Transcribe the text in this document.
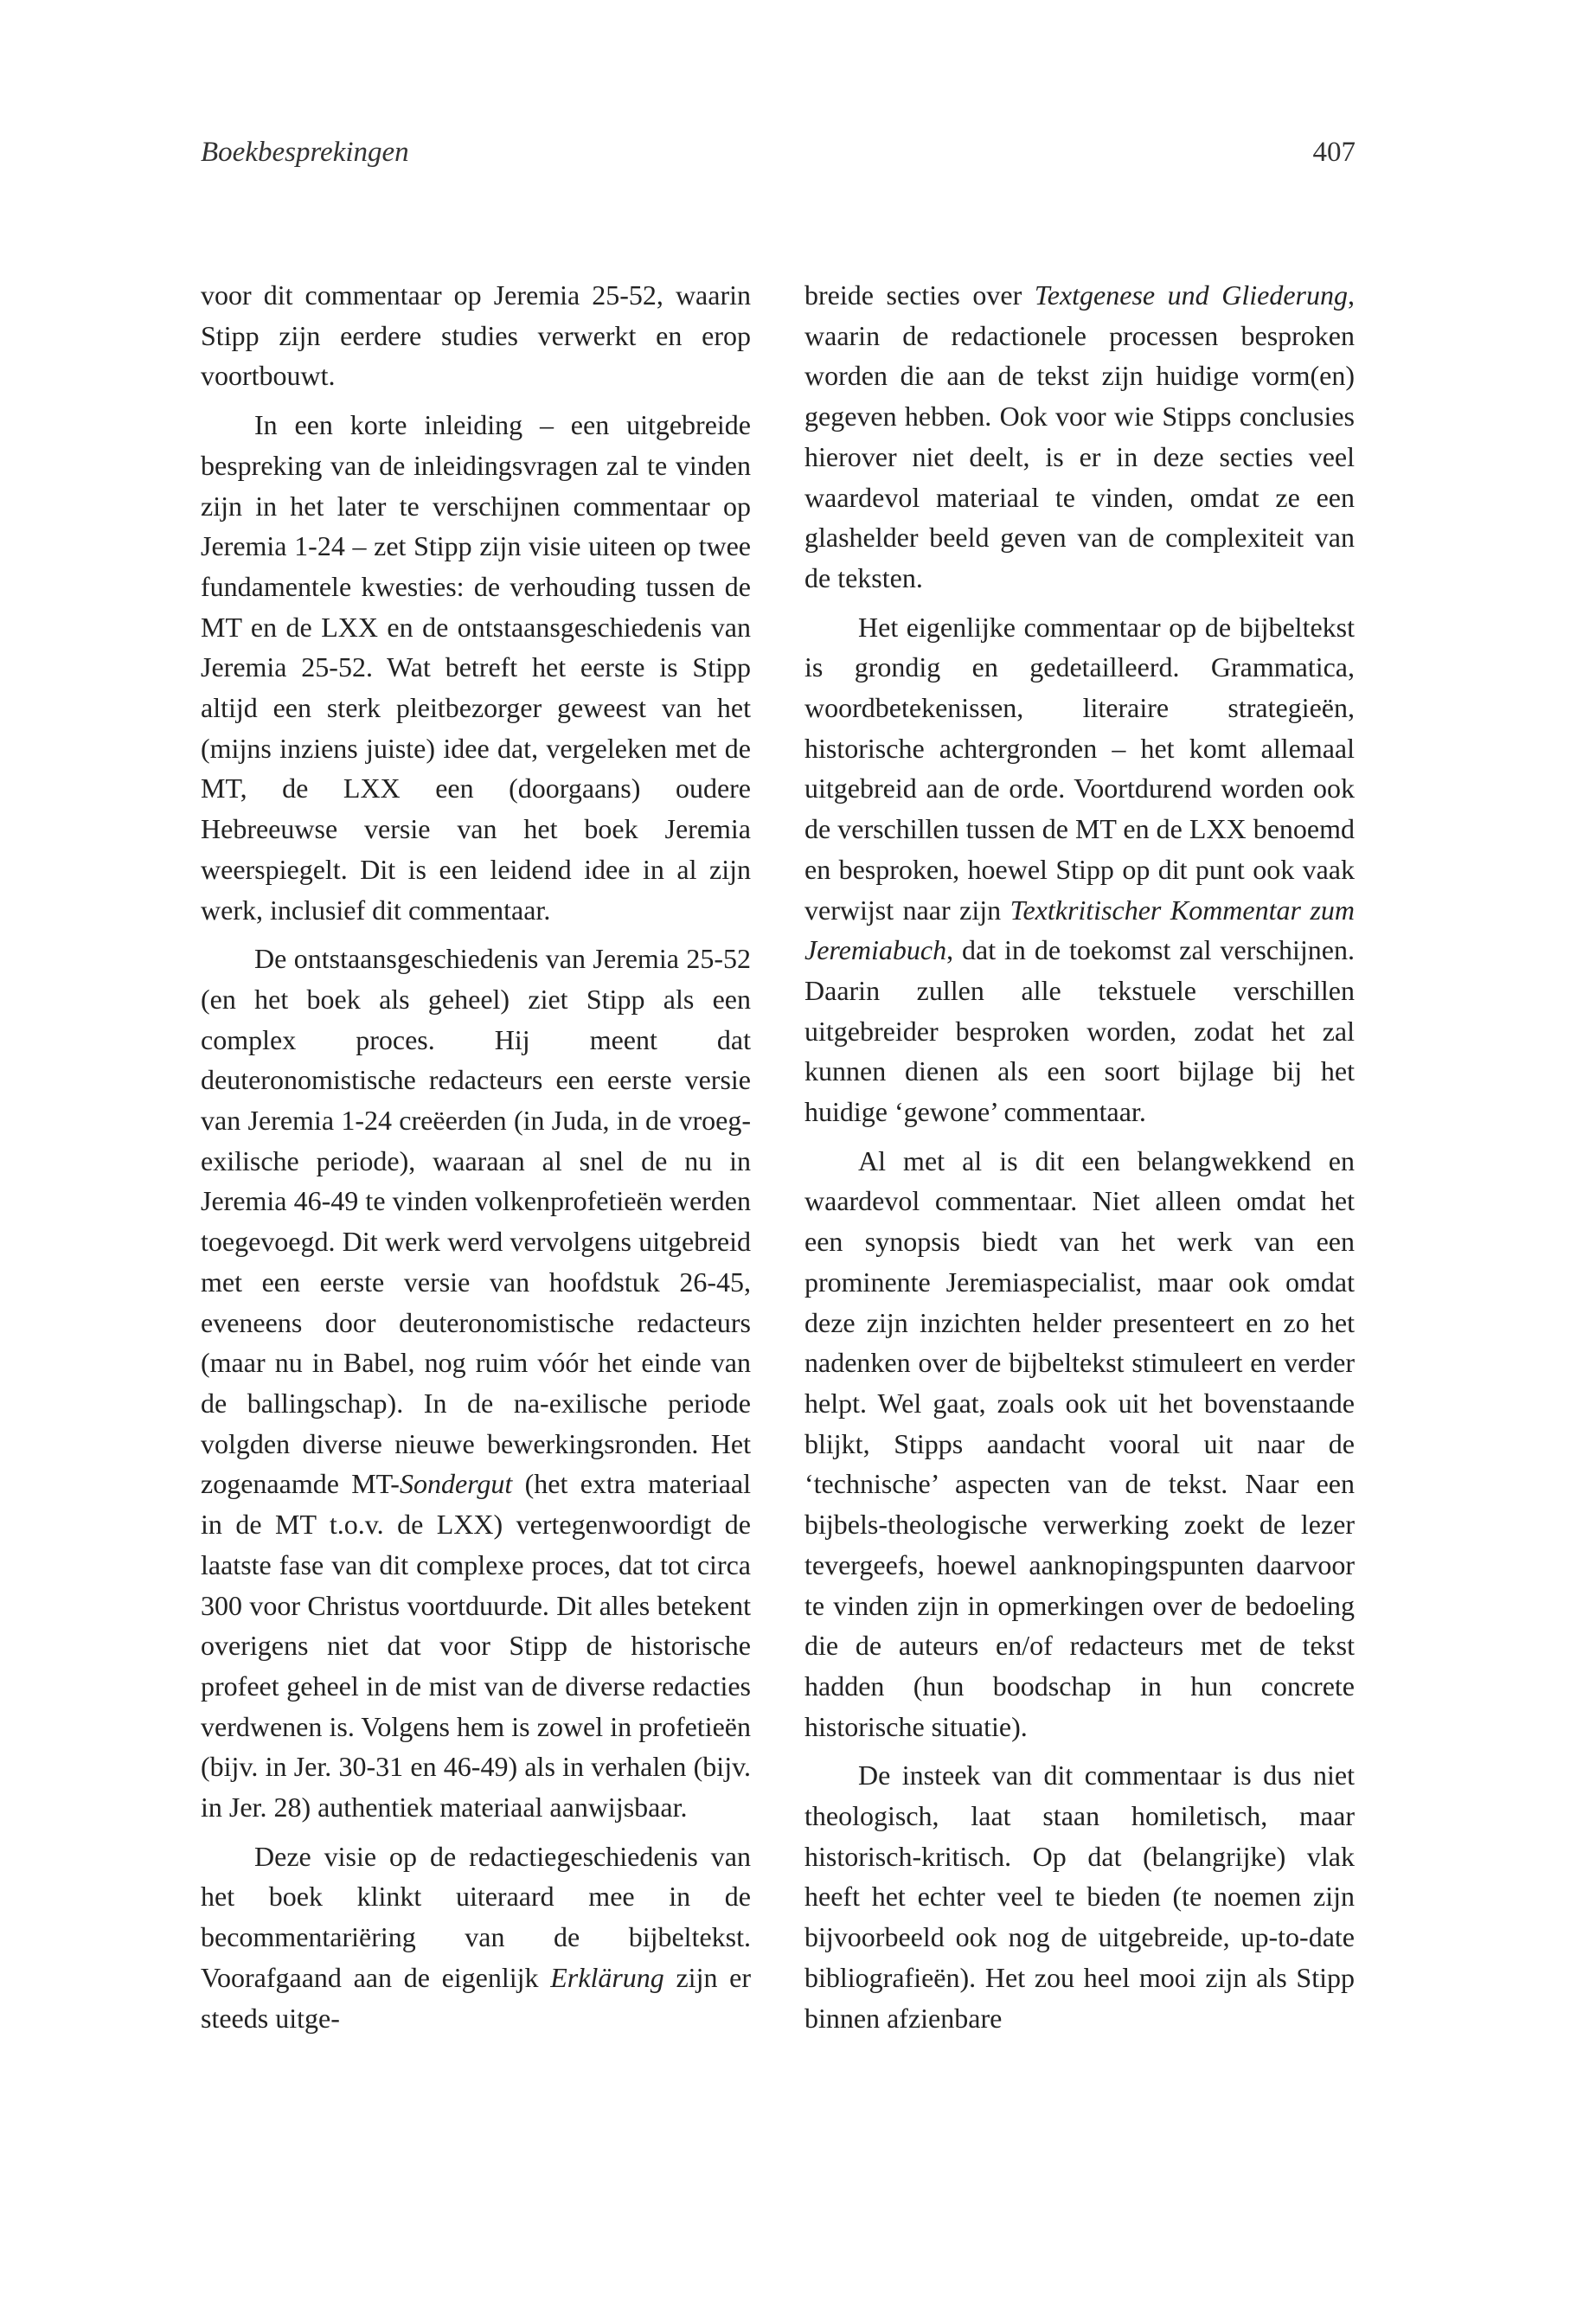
Boekbesprekingen	407

voor dit commentaar op Jeremia 25-52, waarin Stipp zijn eerdere studies verwerkt en erop voortbouwt.

In een korte inleiding – een uitgebreide bespreking van de inleidingsvragen zal te vinden zijn in het later te verschijnen commentaar op Jeremia 1-24 – zet Stipp zijn visie uiteen op twee fundamentele kwesties: de verhouding tussen de MT en de LXX en de ontstaansgeschiedenis van Jeremia 25-52. Wat betreft het eerste is Stipp altijd een sterk pleitbezorger geweest van het (mijns inziens juiste) idee dat, vergeleken met de MT, de LXX een (doorgaans) oudere Hebreeuwse versie van het boek Jeremia weerspiegelt. Dit is een leidend idee in al zijn werk, inclusief dit commentaar.

De ontstaansgeschiedenis van Jeremia 25-52 (en het boek als geheel) ziet Stipp als een complex proces. Hij meent dat deuteronomistische redacteurs een eerste versie van Jeremia 1-24 creëerden (in Juda, in de vroeg-exilische periode), waaraan al snel de nu in Jeremia 46-49 te vinden volkenprofetieën werden toegevoegd. Dit werk werd vervolgens uitgebreid met een eerste versie van hoofdstuk 26-45, eveneens door deuteronomistische redacteurs (maar nu in Babel, nog ruim vóór het einde van de ballingschap). In de na-exilische periode volgden diverse nieuwe bewerkingsronden. Het zogenaamde MT-Sondergut (het extra materiaal in de MT t.o.v. de LXX) vertegenwoordigt de laatste fase van dit complexe proces, dat tot circa 300 voor Christus voortduurde. Dit alles betekent overigens niet dat voor Stipp de historische profeet geheel in de mist van de diverse redacties verdwenen is. Volgens hem is zowel in profetieën (bijv. in Jer. 30-31 en 46-49) als in verhalen (bijv. in Jer. 28) authentiek materiaal aanwijsbaar.

Deze visie op de redactiegeschiedenis van het boek klinkt uiteraard mee in de becommentariëring van de bijbeltekst. Voorafgaand aan de eigenlijk Erklärung zijn er steeds uitge-

breide secties over Textgenese und Gliederung, waarin de redactionele processen besproken worden die aan de tekst zijn huidige vorm(en) gegeven hebben. Ook voor wie Stipps conclusies hierover niet deelt, is er in deze secties veel waardevol materiaal te vinden, omdat ze een glashelder beeld geven van de complexiteit van de teksten.

Het eigenlijke commentaar op de bijbeltekst is grondig en gedetailleerd. Grammatica, woordbetekenissen, literaire strategieën, historische achtergronden – het komt allemaal uitgebreid aan de orde. Voortdurend worden ook de verschillen tussen de MT en de LXX benoemd en besproken, hoewel Stipp op dit punt ook vaak verwijst naar zijn Textkritischer Kommentar zum Jeremiabuch, dat in de toekomst zal verschijnen. Daarin zullen alle tekstuele verschillen uitgebreider besproken worden, zodat het zal kunnen dienen als een soort bijlage bij het huidige ‘gewone’ commentaar.

Al met al is dit een belangwekkend en waardevol commentaar. Niet alleen omdat het een synopsis biedt van het werk van een prominente Jeremiaspecialist, maar ook omdat deze zijn inzichten helder presenteert en zo het nadenken over de bijbeltekst stimuleert en verder helpt. Wel gaat, zoals ook uit het bovenstaande blijkt, Stipps aandacht vooral uit naar de ‘technische’ aspecten van de tekst. Naar een bijbels-theologische verwerking zoekt de lezer tevergeefs, hoewel aanknopingspunten daarvoor te vinden zijn in opmerkingen over de bedoeling die de auteurs en/of redacteurs met de tekst hadden (hun boodschap in hun concrete historische situatie).

De insteek van dit commentaar is dus niet theologisch, laat staan homiletisch, maar historisch-kritisch. Op dat (belangrijke) vlak heeft het echter veel te bieden (te noemen zijn bijvoorbeeld ook nog de uitgebreide, up-to-date bibliografieën). Het zou heel mooi zijn als Stipp binnen afzienbare
